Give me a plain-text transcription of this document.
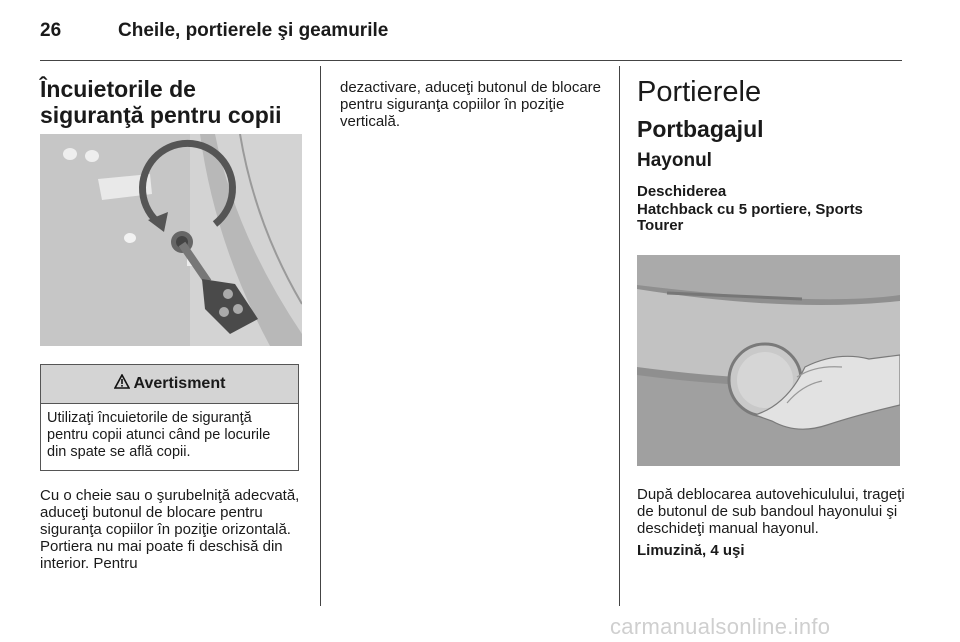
26	Cheile, portierele şi geamurile

Încuietorile de siguranţă pentru copii

Avertisment
Utilizaţi încuietorile de siguranţă pentru copii atunci când pe locurile din spate se află copii.

Cu o cheie sau o şurubelniţă adecvată, aduceţi butonul de blocare pentru siguranţa copiilor în poziţie orizontală. Portiera nu mai poate fi deschisă din interior. Pentru

dezactivare, aduceţi butonul de blocare pentru siguranţa copiilor în poziţie verticală.

Portierele

Portbagajul

Hayonul

Deschiderea

Hatchback cu 5 portiere, Sports Tourer

După deblocarea autovehiculului, trageţi de butonul de sub bandoul hayonului şi deschideţi manual hayonul.

Limuzină, 4 uşi

carmanualsonline.info
